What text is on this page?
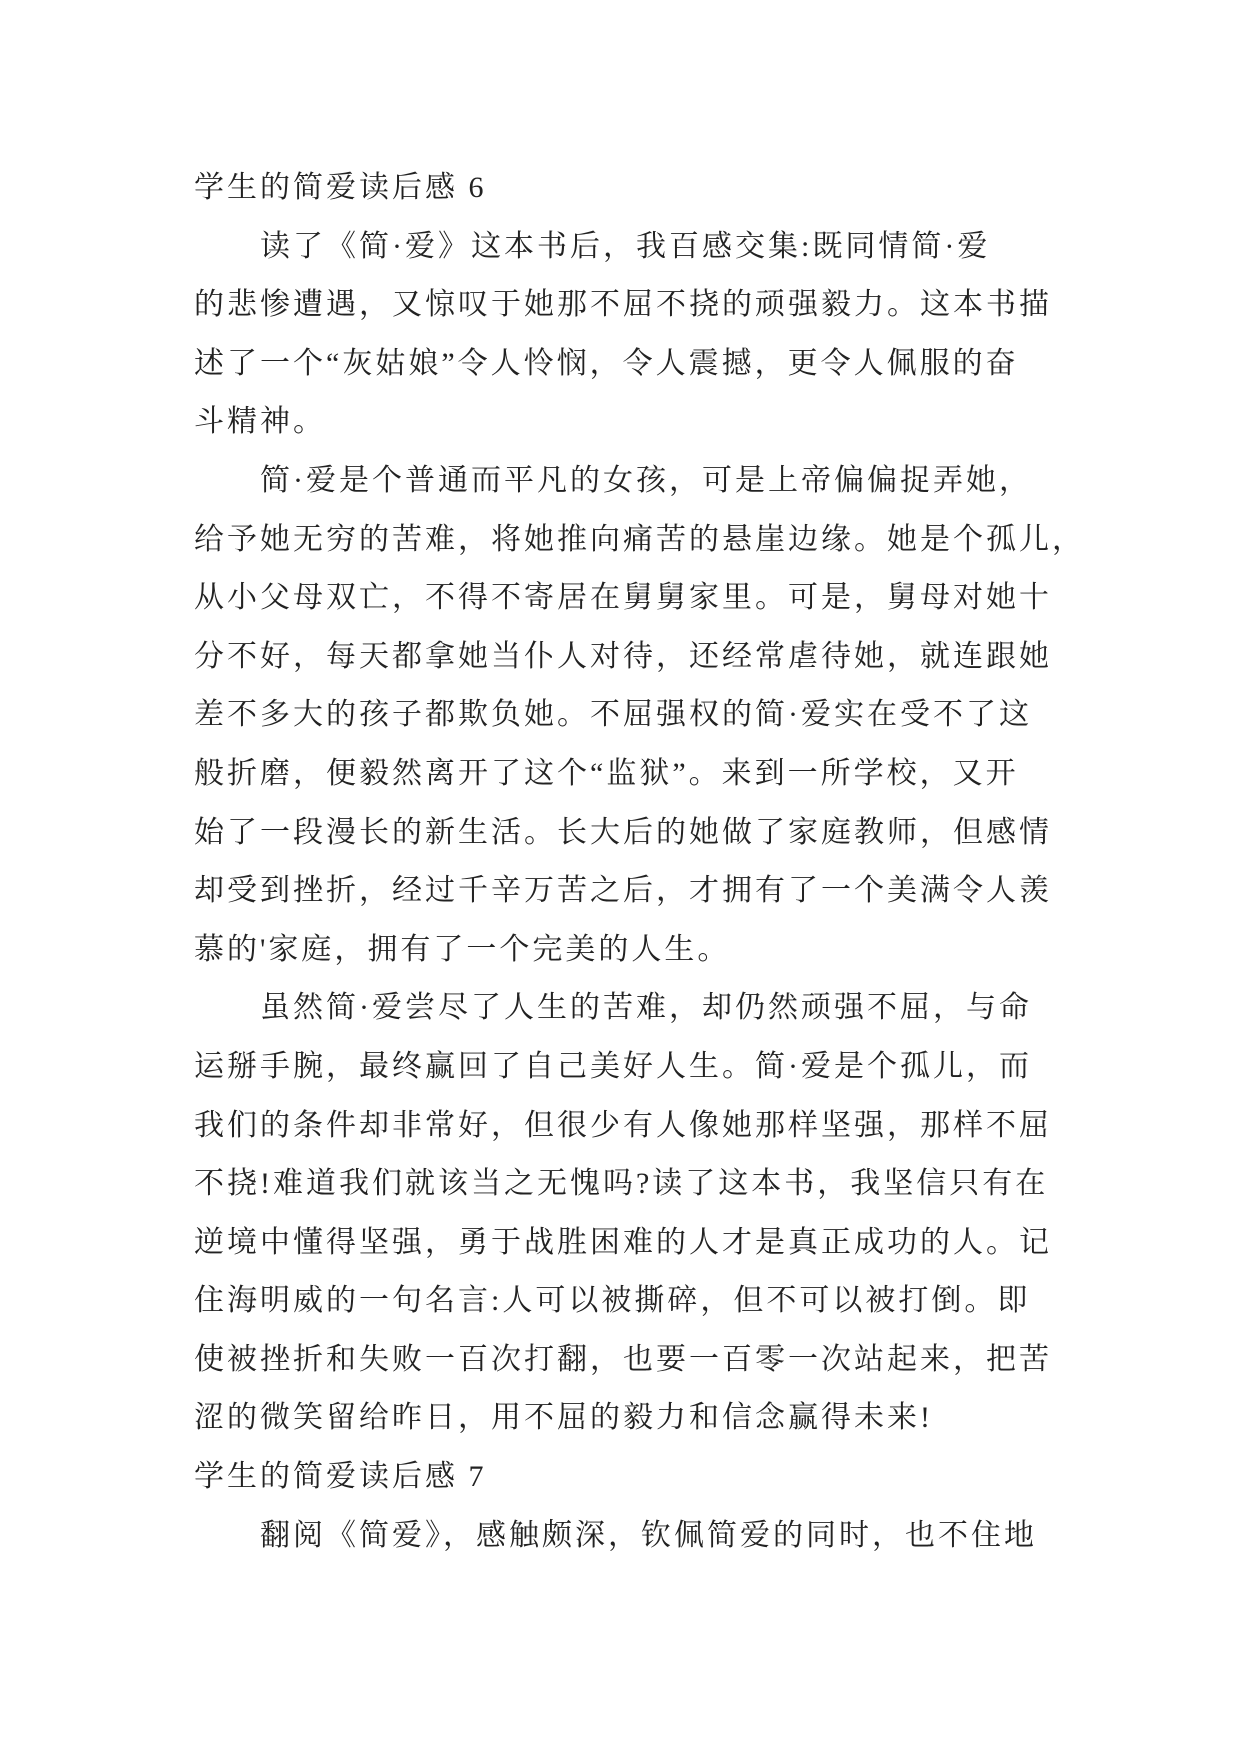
学生的简爱读后感 6
读了《简·爱》这本书后，我百感交集:既同情简·爱
的悲惨遭遇，又惊叹于她那不屈不挠的顽强毅力。这本书描
述了一个“灰姑娘”令人怜悯，令人震撼，更令人佩服的奋
斗精神。
简·爱是个普通而平凡的女孩，可是上帝偏偏捉弄她，
给予她无穷的苦难，将她推向痛苦的悬崖边缘。她是个孤儿，
从小父母双亡，不得不寄居在舅舅家里。可是，舅母对她十
分不好，每天都拿她当仆人对待，还经常虐待她，就连跟她
差不多大的孩子都欺负她。不屈强权的简·爱实在受不了这
般折磨，便毅然离开了这个“监狱”。来到一所学校，又开
始了一段漫长的新生活。长大后的她做了家庭教师，但感情
却受到挫折，经过千辛万苦之后，才拥有了一个美满令人羡
慕的'家庭，拥有了一个完美的人生。
虽然简·爱尝尽了人生的苦难，却仍然顽强不屈，与命
运掰手腕，最终赢回了自己美好人生。简·爱是个孤儿，而
我们的条件却非常好，但很少有人像她那样坚强，那样不屈
不挠!难道我们就该当之无愧吗?读了这本书，我坚信只有在
逆境中懂得坚强，勇于战胜困难的人才是真正成功的人。记
住海明威的一句名言:人可以被撕碎，但不可以被打倒。即
使被挫折和失败一百次打翻，也要一百零一次站起来，把苦
涩的微笑留给昨日，用不屈的毅力和信念赢得未来!
学生的简爱读后感 7
翻阅《简爱》，感触颇深，钦佩简爱的同时，也不住地
